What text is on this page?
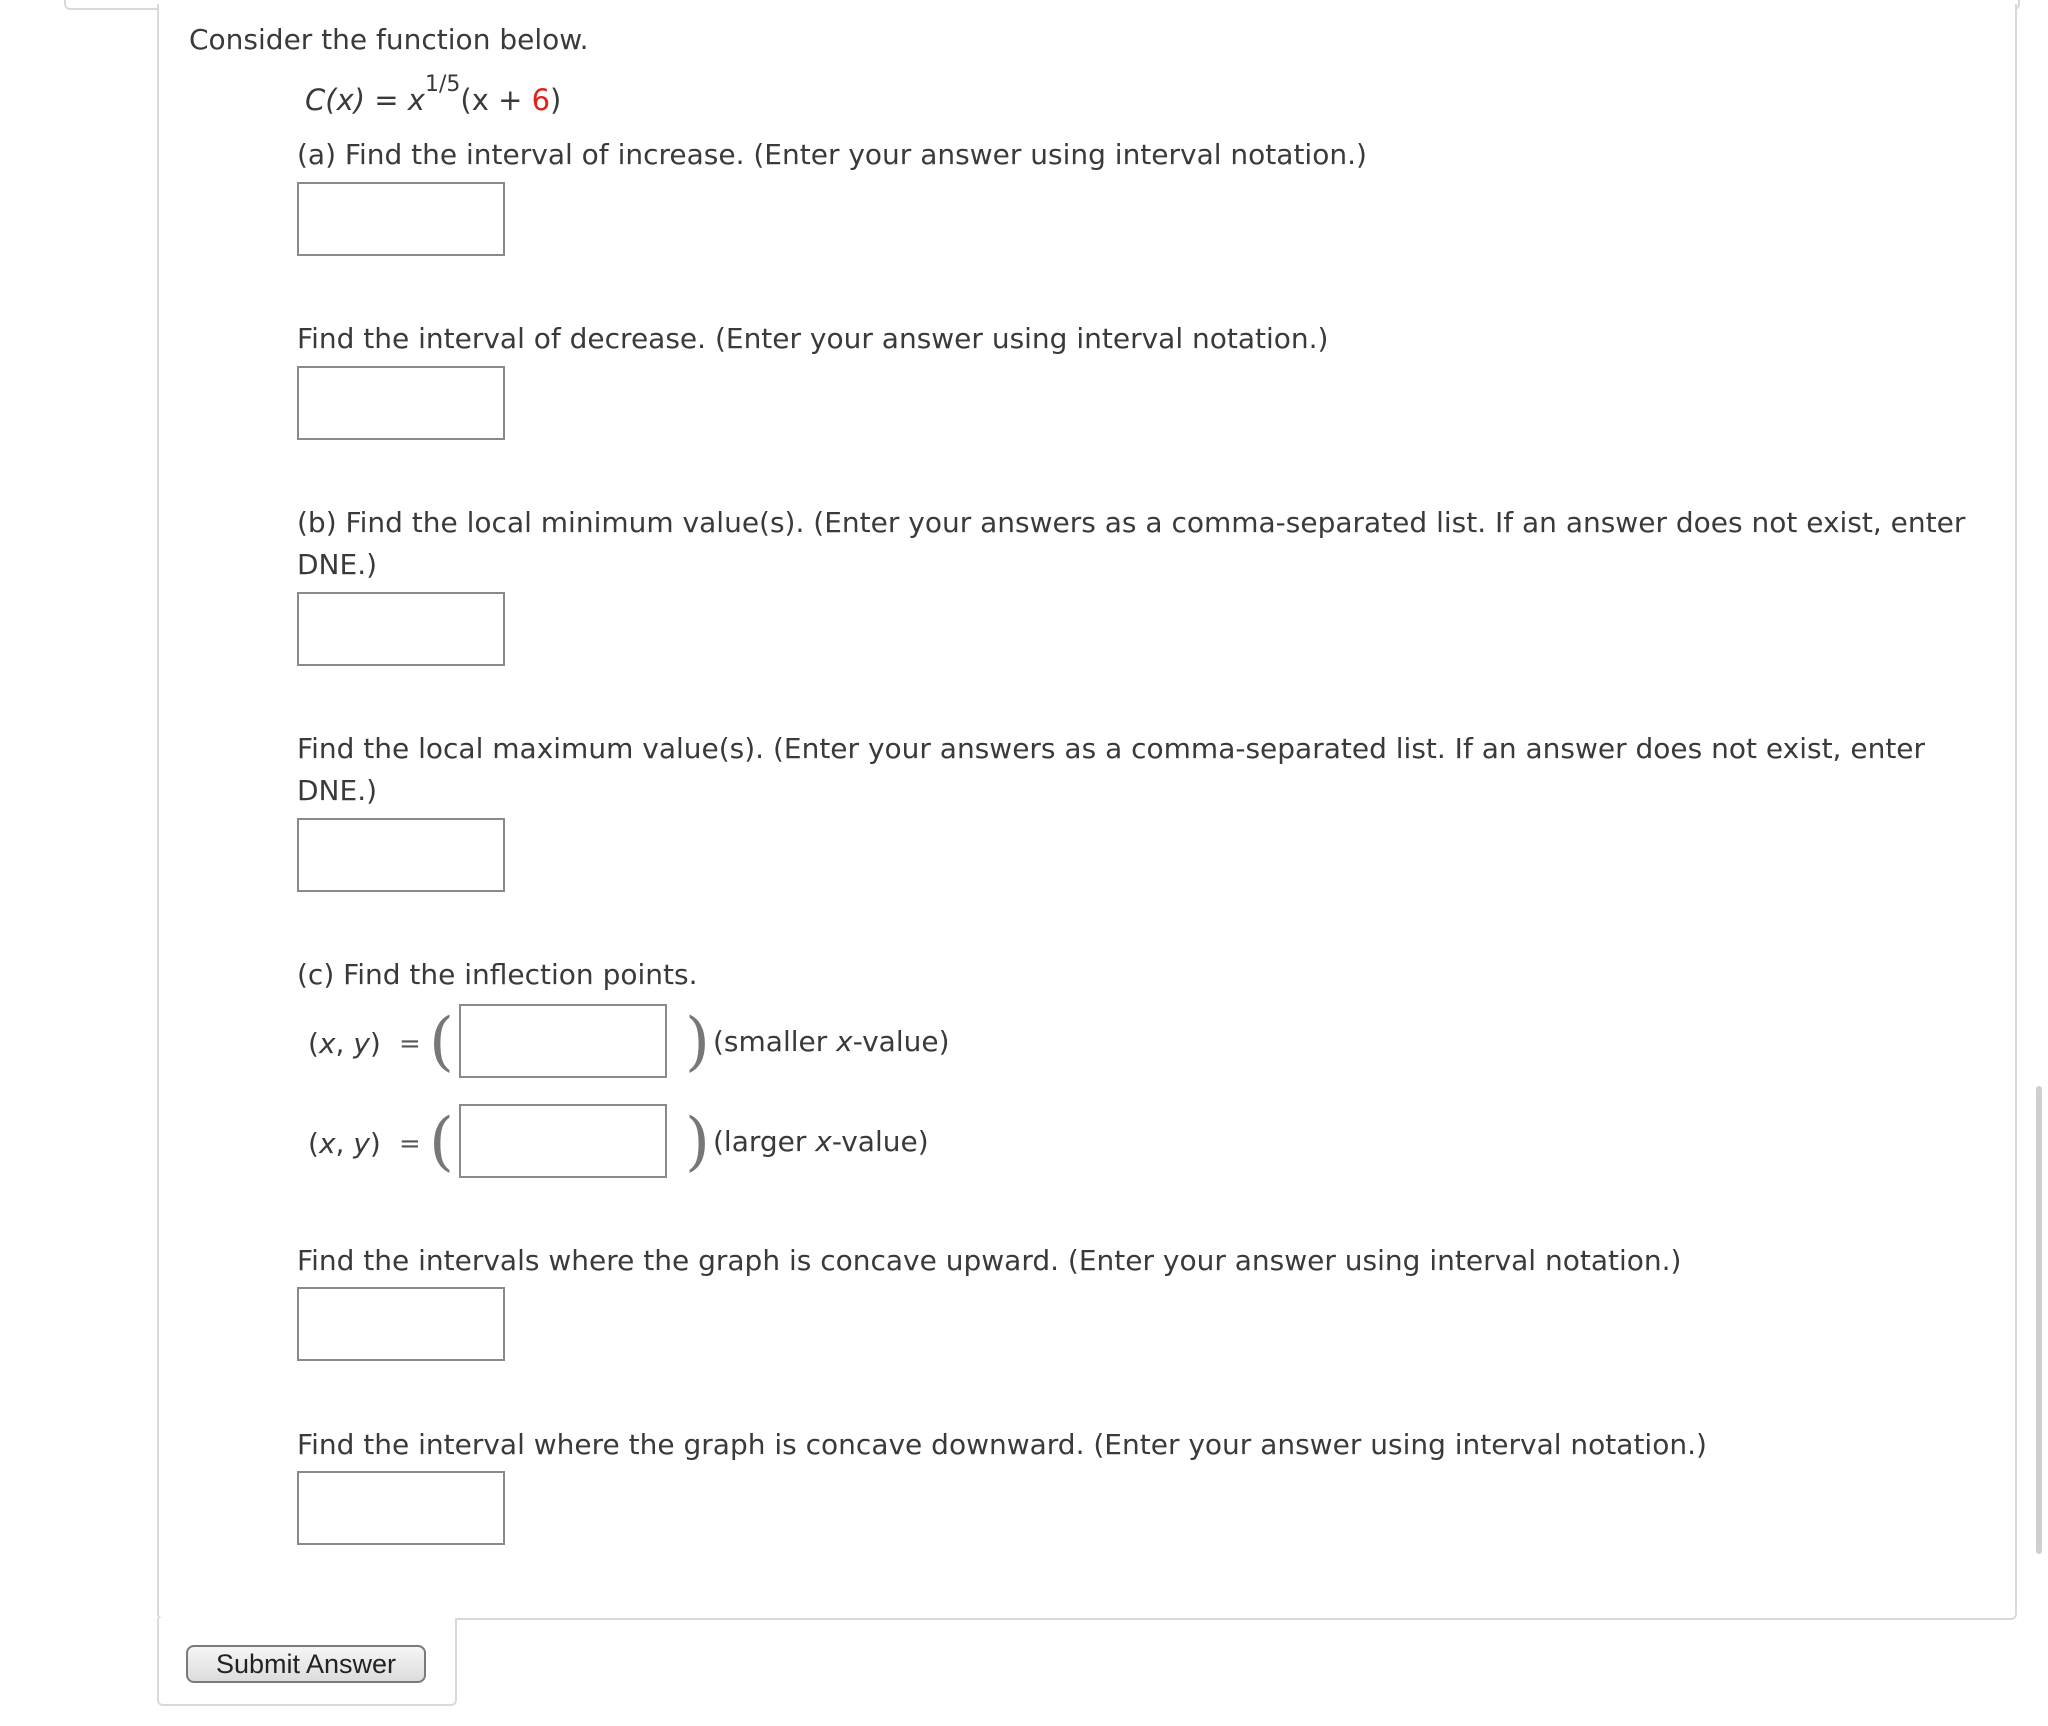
Consider the function below.
$C(x) = x^{1/5}(x + 6)$
(a) Find the interval of increase. (Enter your answer using interval notation.)
Find the interval of decrease. (Enter your answer using interval notation.)
(b) Find the local minimum value(s). (Enter your answers as a comma-separated list. If an answer does not exist, enter DNE.)
Find the local maximum value(s). (Enter your answers as a comma-separated list. If an answer does not exist, enter DNE.)
(c) Find the inflection points.
(x, y) = (	) (smaller x-value)
(x, y) = (	) (larger x-value)
Find the intervals where the graph is concave upward. (Enter your answer using interval notation.)
Find the interval where the graph is concave downward. (Enter your answer using interval notation.)
Submit Answer
